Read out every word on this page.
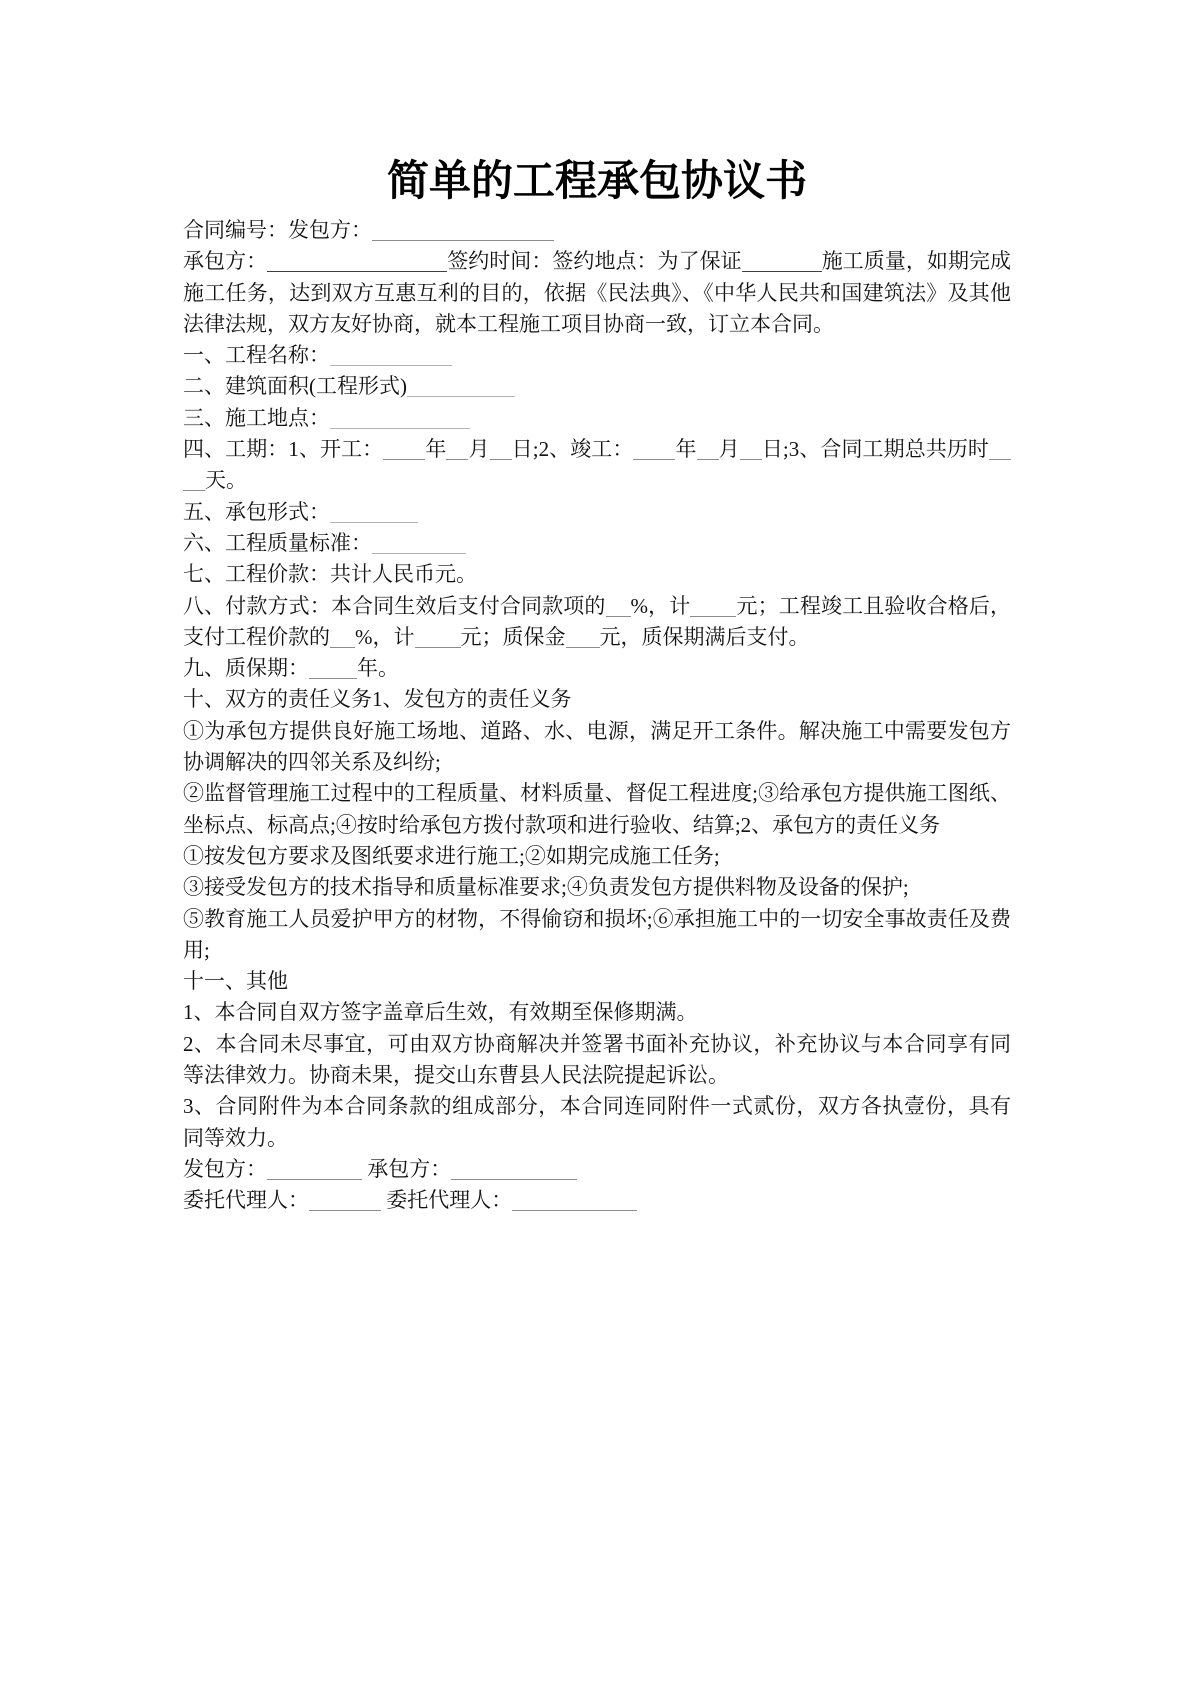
简单的工程承包协议书

合同编号：发包方：

承包方：	签约时间：签约地点：为了保证	施工质量，如期完成施工任务，达到双方互惠互利的目的，依据《民法典》、《中华人民共和国建筑法》及其他法律法规，双方友好协商，就本工程施工项目协商一致，订立本合同。

一、工程名称：

二、建筑面积(工程形式)

三、施工地点：

四、工期：1、开工： 年 月 日;2、竣工： 年 月 日;3、合同工期总共历时天。

五、承包形式：

六、工程质量标准：

七、工程价款：共计人民币元。

八、付款方式：本合同生效后支付合同款项的 %，计 元；工程竣工且验收合格后，支付工程价款的 %，计 元；质保金 元，质保期满后支付。

九、质保期： 年。

十、双方的责任义务1、发包方的责任义务

①为承包方提供良好施工场地、道路、水、电源，满足开工条件。解决施工中需要发包方协调解决的四邻关系及纠纷;

②监督管理施工过程中的工程质量、材料质量、督促工程进度;③给承包方提供施工图纸、坐标点、标高点;④按时给承包方拨付款项和进行验收、结算;2、承包方的责任义务

①按发包方要求及图纸要求进行施工;②如期完成施工任务;

③接受发包方的技术指导和质量标准要求;④负责发包方提供料物及设备的保护;

⑤教育施工人员爱护甲方的材物，不得偷窃和损坏;⑥承担施工中的一切安全事故责任及费用;

十一、其他

1、本合同自双方签字盖章后生效，有效期至保修期满。

2、本合同未尽事宜，可由双方协商解决并签署书面补充协议，补充协议与本合同享有同等法律效力。协商未果，提交山东曹县人民法院提起诉讼。

3、合同附件为本合同条款的组成部分，本合同连同附件一式贰份，双方各执壹份，具有同等效力。

发包方：	承包方：

委托代理人：	委托代理人：
